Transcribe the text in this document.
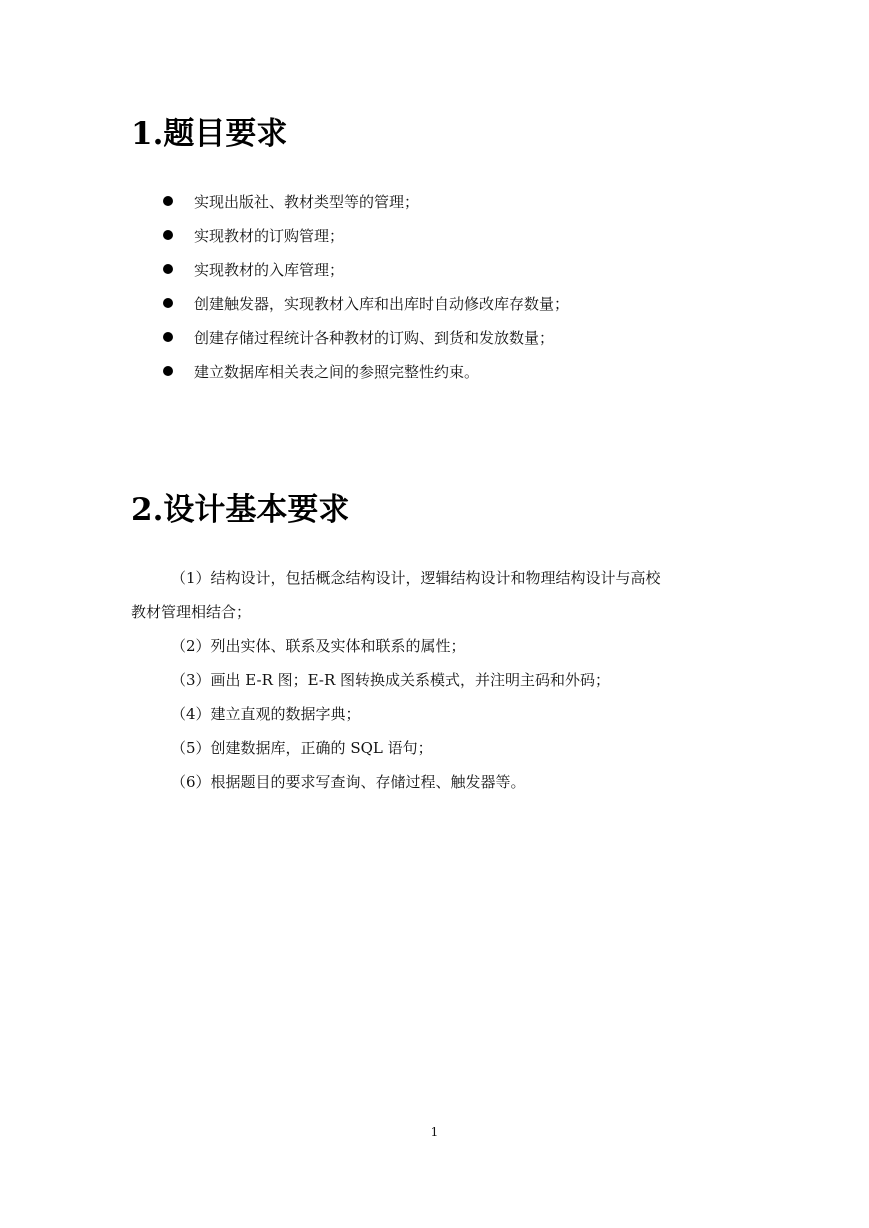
1.题目要求
实现出版社、教材类型等的管理；
实现教材的订购管理；
实现教材的入库管理；
创建触发器，实现教材入库和出库时自动修改库存数量；
创建存储过程统计各种教材的订购、到货和发放数量；
建立数据库相关表之间的参照完整性约束。
2.设计基本要求

（1）结构设计，包括概念结构设计，逻辑结构设计和物理结构设计与高校

教材管理相结合；

（2）列出实体、联系及实体和联系的属性；

（3）画出 E-R 图；E-R 图转换成关系模式，并注明主码和外码；

（4）建立直观的数据字典；

（5）创建数据库，正确的 SQL 语句；

（6）根据题目的要求写查询、存储过程、触发器等。

1
